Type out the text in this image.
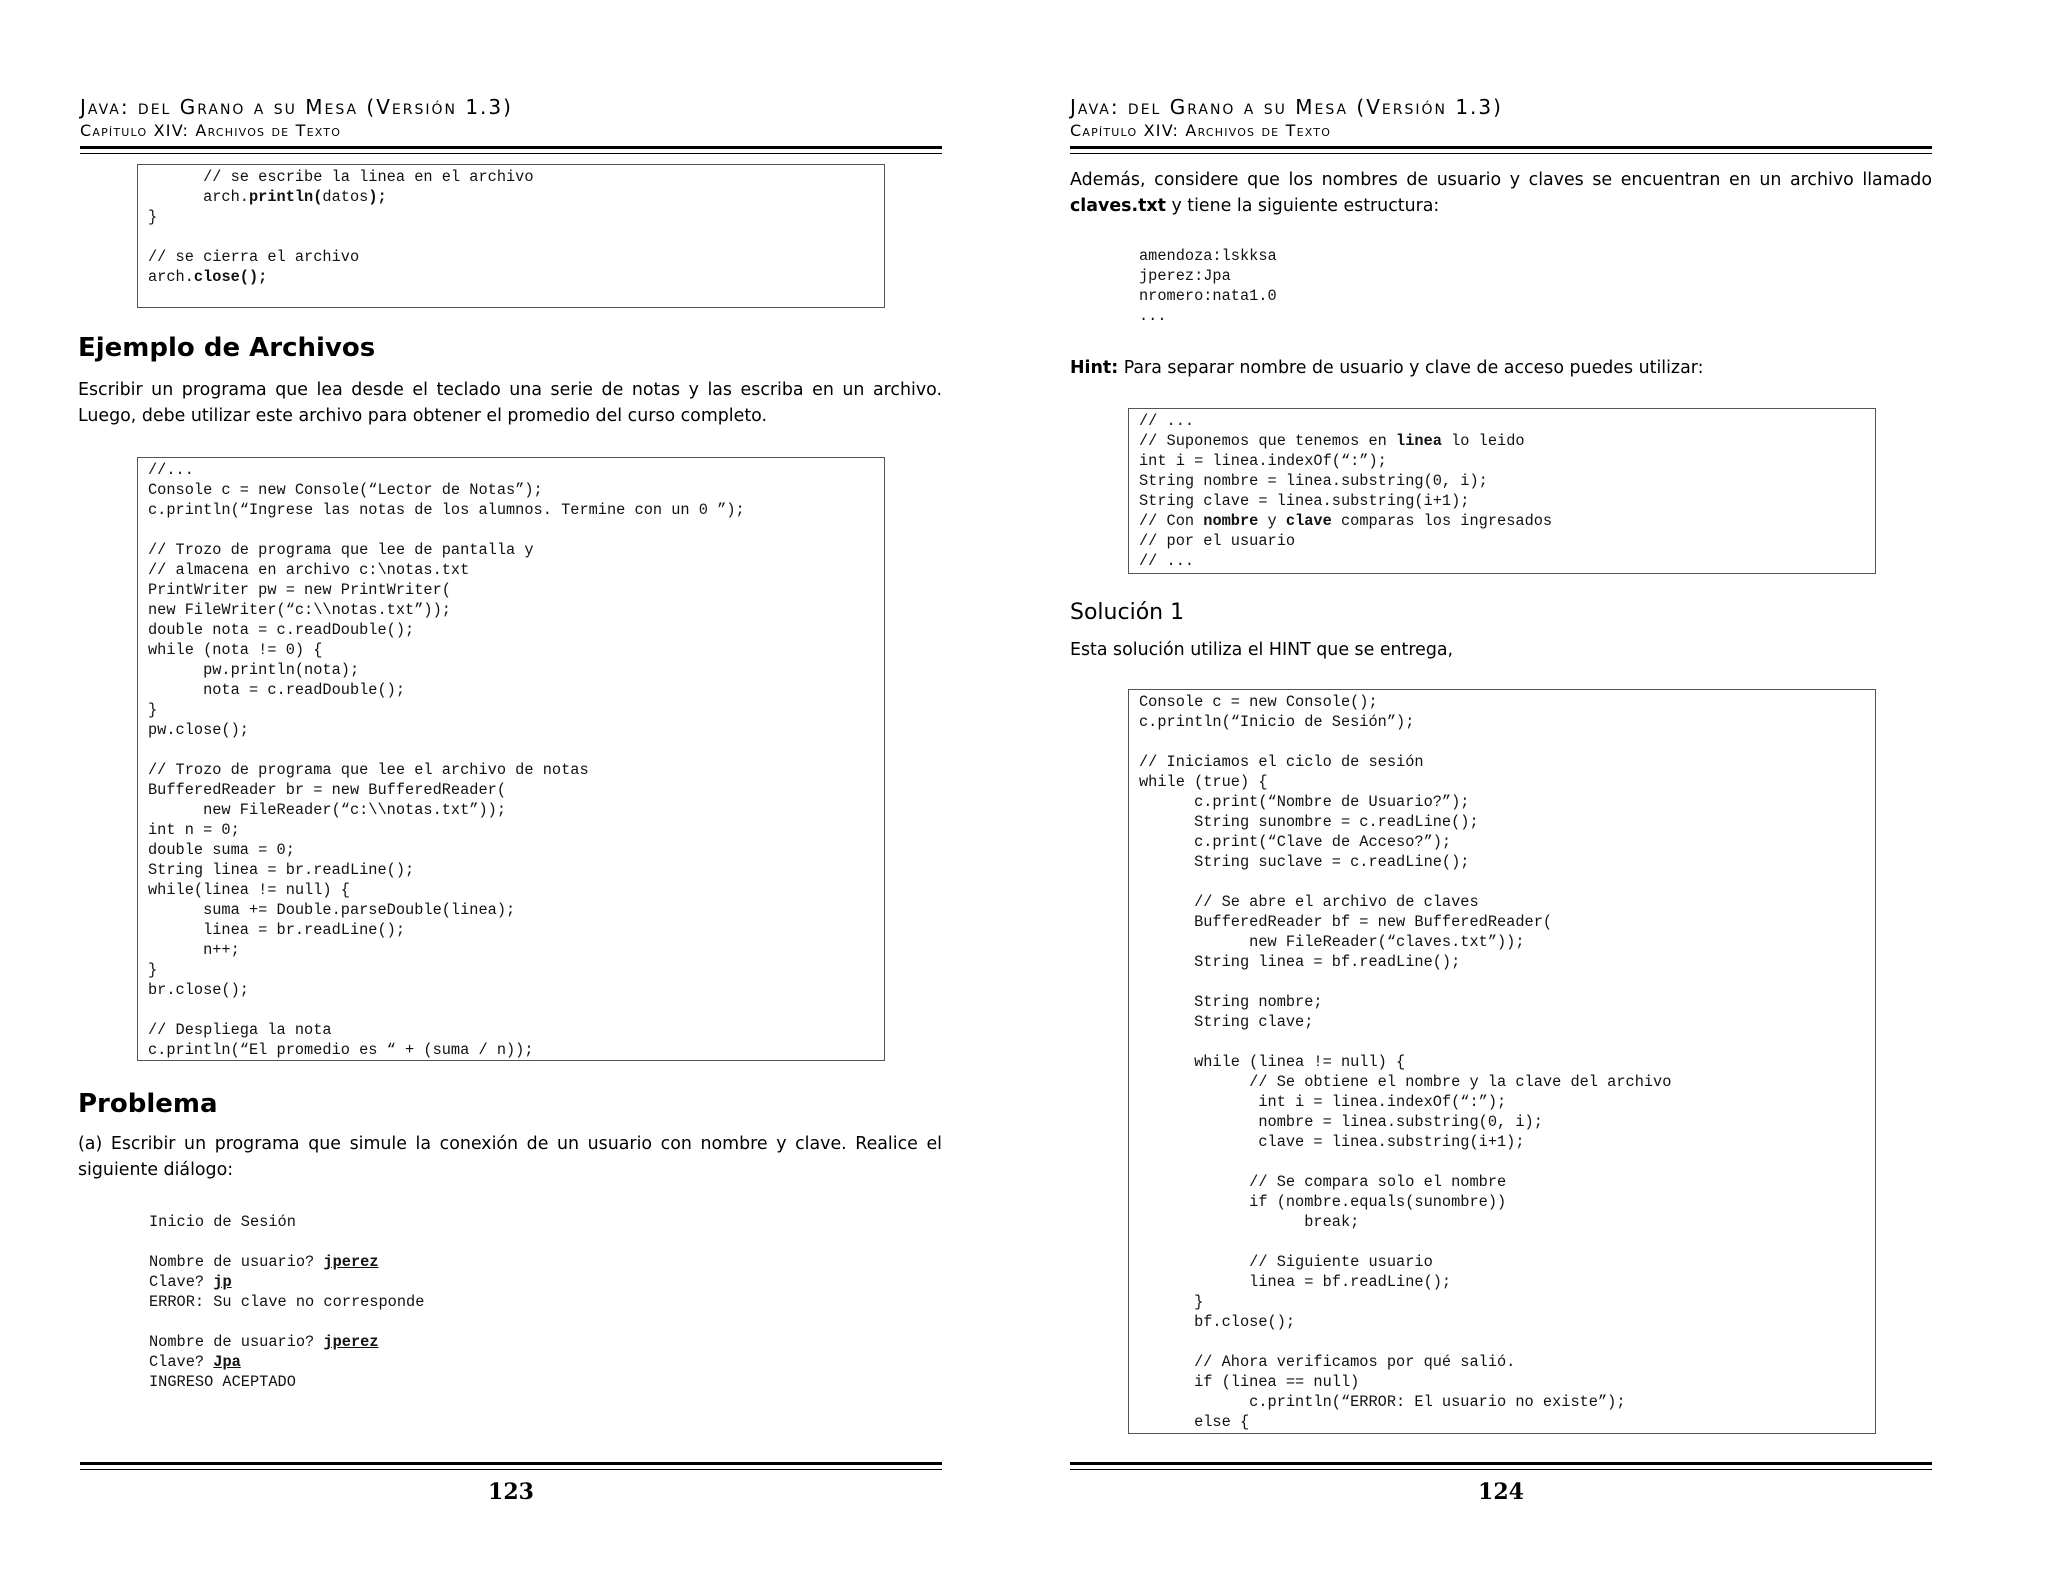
Java: del Grano a su Mesa (Versión 1.3)
Capítulo XIV: Archivos de Texto
// se escribe la linea en el archivo
arch.println(datos);
}

// se cierra el archivo
arch.close();
Ejemplo de Archivos
Escribir un programa que lea desde el teclado una serie de notas y las escriba en un archivo. Luego, debe utilizar este archivo para obtener el promedio del curso completo.
//...
Console c = new Console(“Lector de Notas”);
c.println(“Ingrese las notas de los alumnos. Termine con un 0 ”);

// Trozo de programa que lee de pantalla y
// almacena en archivo c:\notas.txt
PrintWriter pw = new PrintWriter(
new FileWriter(“c:\\notas.txt”));
double nota = c.readDouble();
while (nota != 0) {
pw.println(nota);
nota = c.readDouble();
}
pw.close();

// Trozo de programa que lee el archivo de notas
BufferedReader br = new BufferedReader(
new FileReader(“c:\\notas.txt”));
int n = 0;
double suma = 0;
String linea = br.readLine();
while(linea != null) {
suma += Double.parseDouble(linea);
linea = br.readLine();
n++;
}
br.close();

// Despliega la nota
c.println(“El promedio es “ + (suma / n));
Problema
(a) Escribir un programa que simule la conexión de un usuario con nombre y clave. Realice el siguiente diálogo:
Inicio de Sesión

Nombre de usuario? jperez
Clave? jp
ERROR: Su clave no corresponde

Nombre de usuario? jperez
Clave? Jpa
INGRESO ACEPTADO
123
Java: del Grano a su Mesa (Versión 1.3)
Capítulo XIV: Archivos de Texto
Además, considere que los nombres de usuario y claves se encuentran en un archivo llamado claves.txt y tiene la siguiente estructura:
amendoza:lskksa
jperez:Jpa
nromero:nata1.0
...
Hint: Para separar nombre de usuario y clave de acceso puedes utilizar:
// ...
// Suponemos que tenemos en linea lo leido
int i = linea.indexOf(“:”);
String nombre = linea.substring(0, i);
String clave = linea.substring(i+1);
// Con nombre y clave comparas los ingresados
// por el usuario
// ...
Solución 1
Esta solución utiliza el HINT que se entrega,
Console c = new Console();
c.println(“Inicio de Sesión”);

// Iniciamos el ciclo de sesión
while (true) {
c.print(“Nombre de Usuario?”);
String sunombre = c.readLine();
c.print(“Clave de Acceso?”);
String suclave = c.readLine();

// Se abre el archivo de claves
BufferedReader bf = new BufferedReader(
new FileReader(“claves.txt”));
String linea = bf.readLine();

String nombre;
String clave;

while (linea != null) {
// Se obtiene el nombre y la clave del archivo
int i = linea.indexOf(“:”);
nombre = linea.substring(0, i);
clave = linea.substring(i+1);

// Se compara solo el nombre
if (nombre.equals(sunombre))
break;

// Siguiente usuario
linea = bf.readLine();
}
bf.close();

// Ahora verificamos por qué salió.
if (linea == null)
c.println(“ERROR: El usuario no existe”);
else {
124
